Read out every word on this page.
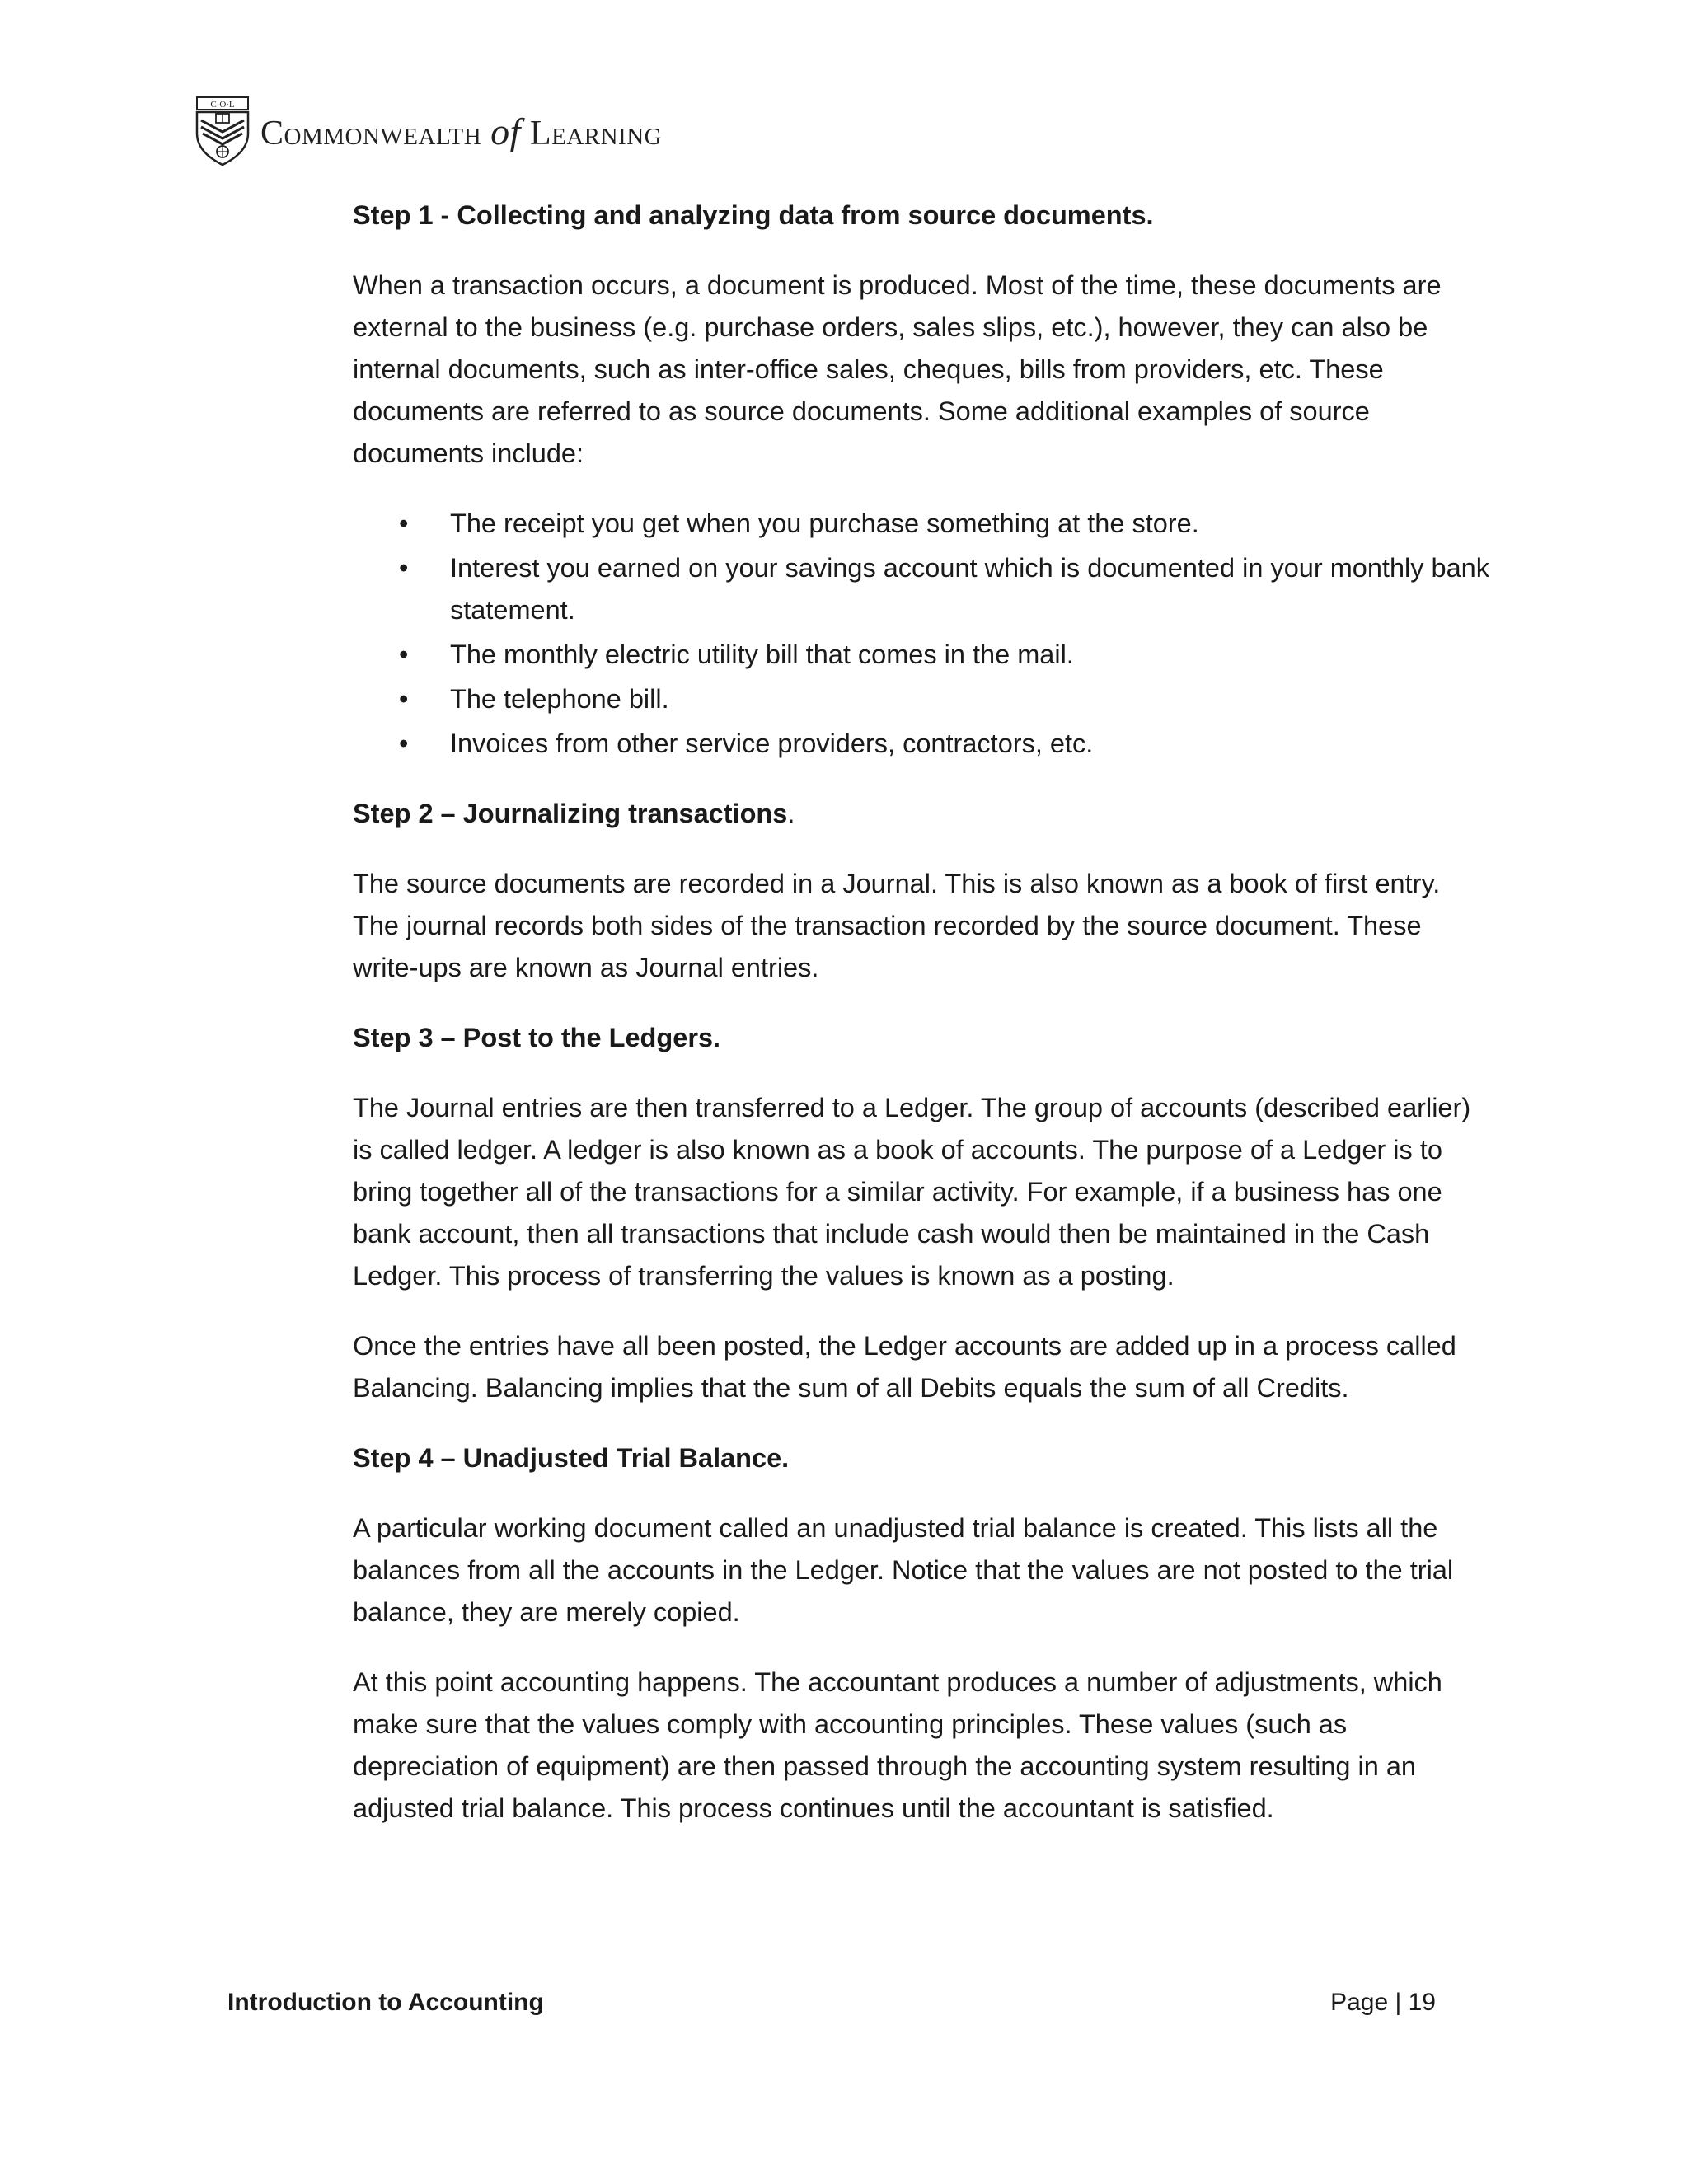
C·O·L
Commonwealth of Learning

Step 1 - Collecting and analyzing data from source documents.

When a transaction occurs, a document is produced. Most of the time, these documents are external to the business (e.g. purchase orders, sales slips, etc.), however, they can also be internal documents, such as inter-office sales, cheques, bills from providers, etc. These documents are referred to as source documents. Some additional examples of source documents include:

• The receipt you get when you purchase something at the store.
• Interest you earned on your savings account which is documented in your monthly bank statement.
• The monthly electric utility bill that comes in the mail.
• The telephone bill.
• Invoices from other service providers, contractors, etc.

Step 2 – Journalizing transactions.

The source documents are recorded in a Journal. This is also known as a book of first entry. The journal records both sides of the transaction recorded by the source document. These write-ups are known as Journal entries.

Step 3 – Post to the Ledgers.

The Journal entries are then transferred to a Ledger. The group of accounts (described earlier) is called ledger. A ledger is also known as a book of accounts. The purpose of a Ledger is to bring together all of the transactions for a similar activity. For example, if a business has one bank account, then all transactions that include cash would then be maintained in the Cash Ledger. This process of transferring the values is known as a posting.

Once the entries have all been posted, the Ledger accounts are added up in a process called Balancing. Balancing implies that the sum of all Debits equals the sum of all Credits.

Step 4 – Unadjusted Trial Balance.

A particular working document called an unadjusted trial balance is created. This lists all the balances from all the accounts in the Ledger. Notice that the values are not posted to the trial balance, they are merely copied.

At this point accounting happens. The accountant produces a number of adjustments, which make sure that the values comply with accounting principles. These values (such as depreciation of equipment) are then passed through the accounting system resulting in an adjusted trial balance. This process continues until the accountant is satisfied.

Introduction to Accounting	Page | 19
